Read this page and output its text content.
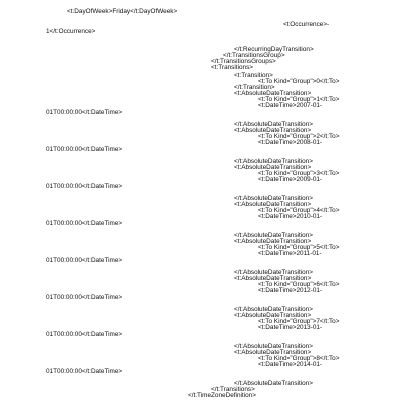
<t:DayOfWeek>Friday</t:DayOfWeek>
<t:Occurrence>-
1</t:Occurrence>
</t:RecurringDayTransition>
</t:TransitionsGroup>
</t:TransitionsGroups>
<t:Transitions>
<t:Transition>
<t:To Kind="Group">0</t:To>
</t:Transition>
<t:AbsoluteDateTransition>
<t:To Kind="Group">1</t:To>
<t:DateTime>2007-01-
01T00:00:00</t:DateTime>
</t:AbsoluteDateTransition>
<t:AbsoluteDateTransition>
<t:To Kind="Group">2</t:To>
<t:DateTime>2008-01-
01T00:00:00</t:DateTime>
</t:AbsoluteDateTransition>
<t:AbsoluteDateTransition>
<t:To Kind="Group">3</t:To>
<t:DateTime>2009-01-
01T00:00:00</t:DateTime>
</t:AbsoluteDateTransition>
<t:AbsoluteDateTransition>
<t:To Kind="Group">4</t:To>
<t:DateTime>2010-01-
01T00:00:00</t:DateTime>
</t:AbsoluteDateTransition>
<t:AbsoluteDateTransition>
<t:To Kind="Group">5</t:To>
<t:DateTime>2011-01-
01T00:00:00</t:DateTime>
</t:AbsoluteDateTransition>
<t:AbsoluteDateTransition>
<t:To Kind="Group">6</t:To>
<t:DateTime>2012-01-
01T00:00:00</t:DateTime>
</t:AbsoluteDateTransition>
<t:AbsoluteDateTransition>
<t:To Kind="Group">7</t:To>
<t:DateTime>2013-01-
01T00:00:00</t:DateTime>
</t:AbsoluteDateTransition>
<t:AbsoluteDateTransition>
<t:To Kind="Group">8</t:To>
<t:DateTime>2014-01-
01T00:00:00</t:DateTime>
</t:AbsoluteDateTransition>
</t:Transitions>
</t:TimeZoneDefinition>
